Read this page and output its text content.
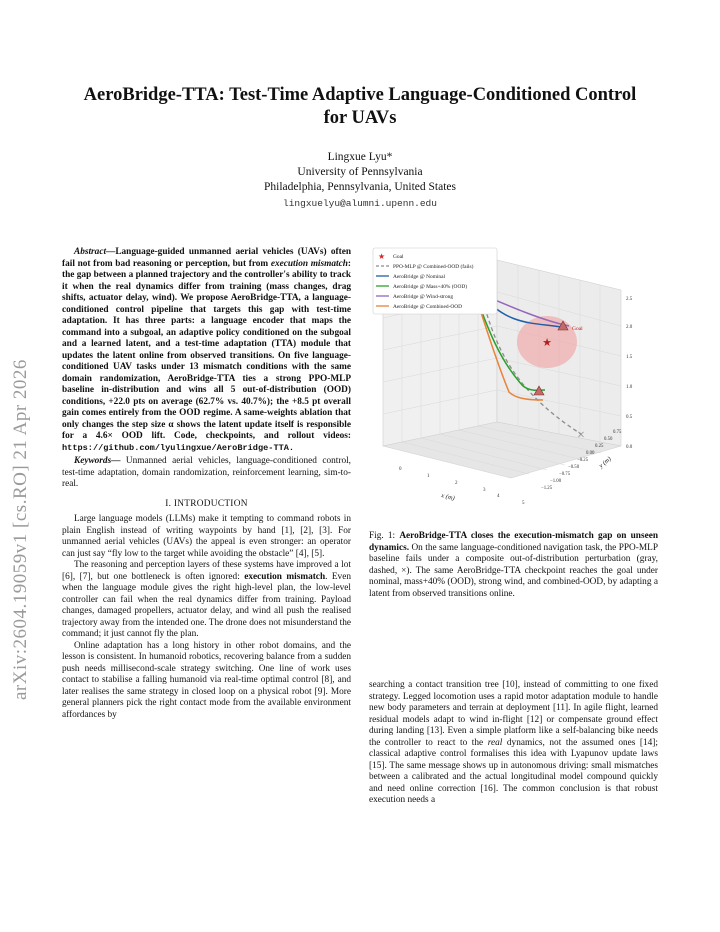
arXiv:2604.19059v1 [cs.RO] 21 Apr 2026
AeroBridge-TTA: Test-Time Adaptive Language-Conditioned Control for UAVs
Lingxue Lyu*
University of Pennsylvania
Philadelphia, Pennsylvania, United States
lingxuelyu@alumni.upenn.edu
Abstract—Language-guided unmanned aerial vehicles (UAVs) often fail not from bad reasoning or perception, but from execution mismatch: the gap between a planned trajectory and the controller's ability to track it when the real dynamics differ from training (mass changes, drag shifts, actuator delay, wind). We propose AeroBridge-TTA, a language-conditioned control pipeline that targets this gap with test-time adaptation. It has three parts: a language encoder that maps the command into a subgoal, an adaptive policy conditioned on the subgoal and a learned latent, and a test-time adaptation (TTA) module that updates the latent online from observed transitions. On five language-conditioned UAV tasks under 13 mismatch conditions with the same domain randomization, AeroBridge-TTA ties a strong PPO-MLP baseline in-distribution and wins all 5 out-of-distribution (OOD) conditions, +22.0 pts on average (62.7% vs. 40.7%); the +8.5 pt overall gain comes entirely from the OOD regime. A same-weights ablation that only changes the step size α shows the latent update itself is responsible for a 4.6× OOD lift. Code, checkpoints, and rollout videos: https://github.com/lyulingxue/AeroBridge-TTA.
Keywords— Unmanned aerial vehicles, language-conditioned control, test-time adaptation, domain randomization, reinforcement learning, sim-to-real.
I. INTRODUCTION

Large language models (LLMs) make it tempting to command robots in plain English instead of writing waypoints by hand [1], [2], [3]. For unmanned aerial vehicles (UAVs) the appeal is even stronger: an operator can just say “fly low to the target while avoiding the obstacle” [4], [5].

The reasoning and perception layers of these systems have improved a lot [6], [7], but one bottleneck is often ignored: execution mismatch. Even when the language module gives the right high-level plan, the low-level controller can fail when the real dynamics differ from training. Payload changes, damaged propellers, actuator delay, and wind all push the realised trajectory away from the intended one. The drone does not misunderstand the command; it just cannot fly the plan.

Online adaptation has a long history in other robot domains, and the lesson is consistent. In humanoid robotics, recovering balance from a sudden push needs millisecond-scale strategy switching. One line of work uses contact to stabilise a falling humanoid via real-time optimal control [8], and later realises the same strategy in closed loop on a physical robot [9]. More general planners pick the right contact mode from the available environment affordances by

★
Goal
×
0.0
0.5
1.0
1.5
2.0
2.5
0
1
2
3
4
5
x (m)
−1.25
−1.00
−0.75
−0.50
−0.25
0.00
0.25
0.50
0.75
y (m)
★ Goal
PPO-MLP @ Combined-OOD (fails)
AeroBridge @ Nominal
AeroBridge @ Mass+40% (OOD)
AeroBridge @ Wind-strong
AeroBridge @ Combined-OOD
Fig. 1: AeroBridge-TTA closes the execution-mismatch gap on unseen dynamics. On the same language-conditioned navigation task, the PPO-MLP baseline fails under a composite out-of-distribution perturbation (gray, dashed, ×). The same AeroBridge-TTA checkpoint reaches the goal under nominal, mass+40% (OOD), strong wind, and combined-OOD, by adapting a latent from observed transitions online.
searching a contact transition tree [10], instead of committing to one fixed strategy. Legged locomotion uses a rapid motor adaptation module to handle new body parameters and terrain at deployment [11]. In agile flight, learned residual models adapt to wind in-flight [12] or compensate ground effect during landing [13]. Even a simple platform like a self-balancing bike needs the controller to react to the real dynamics, not the assumed ones [14]; classical adaptive control formalises this idea with Lyapunov update laws [15]. The same message shows up in autonomous driving: small mismatches between a calibrated and the actual longitudinal model compound quickly and need online correction [16]. The common conclusion is that robust execution needs a
